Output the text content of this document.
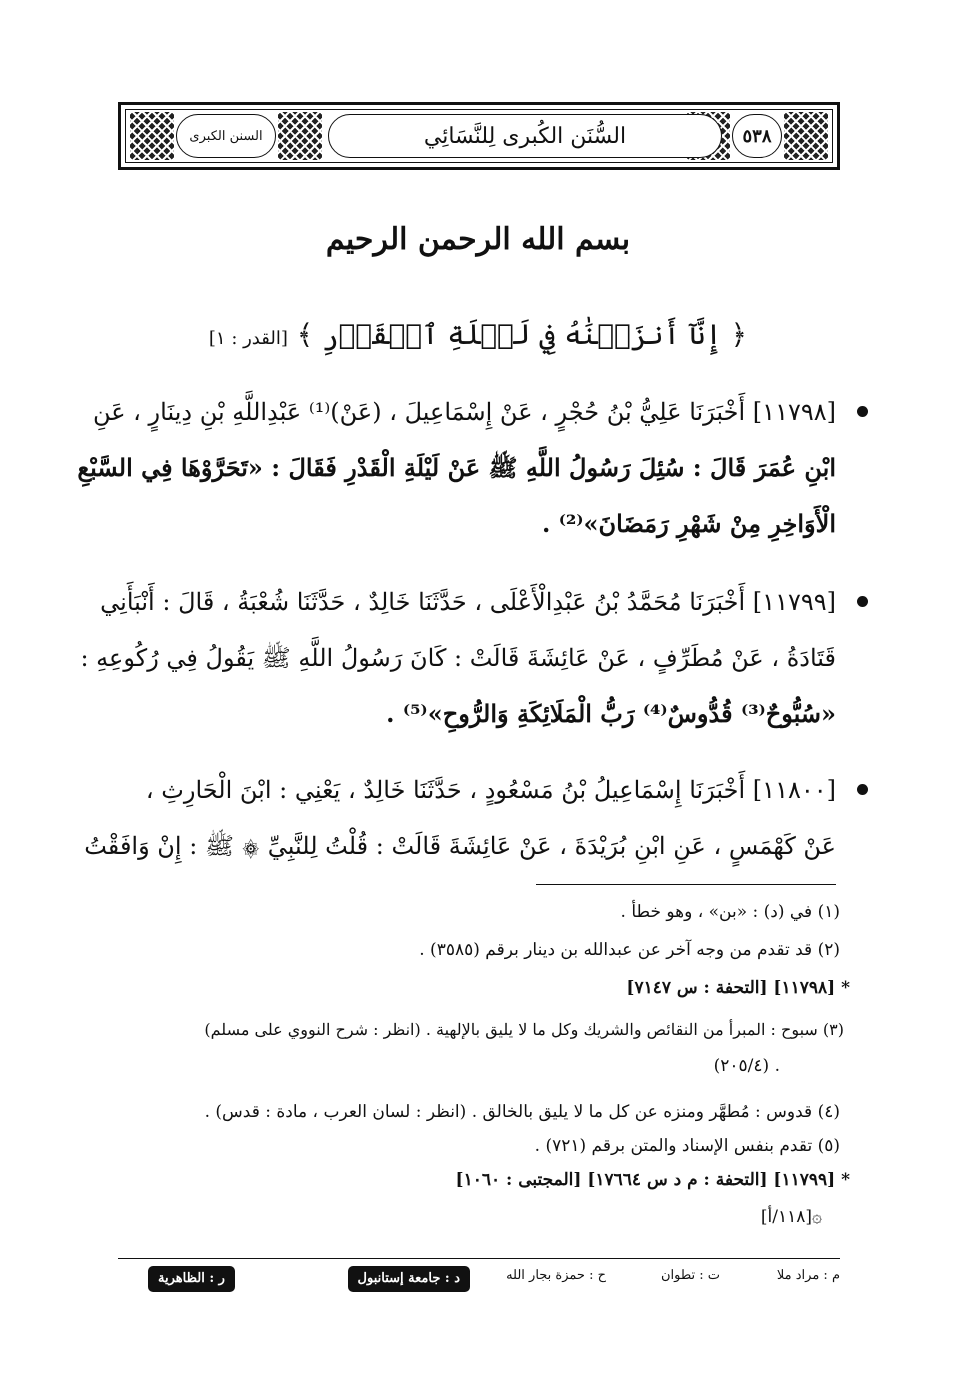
السنن الكبرى	السُّنَن الكُبرى لِلنَّسَائِي	٥٣٨
بسم الله الرحمن الرحيم
﴿ إِنَّآ أَنزَلۡنَٰهُ فِي لَيۡلَةِ ٱلۡقَدۡرِ ﴾ [القدر : ١]
[١١٧٩٨] أَخْبَرَنَا عَلِيُّ بْنُ حُجْرٍ ، عَنْ إِسْمَاعِيلَ ، (عَنْ)⁽¹⁾ عَبْدِاللَّهِ بْنِ دِينَارٍ ، عَنِ
ابْنِ عُمَرَ قَالَ : سُئِلَ رَسُولُ اللَّهِ ﷺ عَنْ لَيْلَةِ الْقَدْرِ فَقَالَ : «تَحَرَّوْهَا فِي السَّبْعِ
الْأَوَاخِرِ مِنْ شَهْرِ رَمَضَانَ»⁽²⁾ .
[١١٧٩٩] أَخْبَرَنَا مُحَمَّدُ بْنُ عَبْدِالْأَعْلَى ، حَدَّثَنَا خَالِدٌ ، حَدَّثَنَا شُعْبَةُ ، قَالَ : أَنْبَأَنِي
قَتَادَةُ ، عَنْ مُطَرِّفٍ ، عَنْ عَائِشَةَ قَالَتْ : كَانَ رَسُولُ اللَّهِ ﷺ يَقُولُ فِي رُكُوعِهِ :
«سُبُّوحٌ⁽³⁾ قُدُّوسٌ⁽⁴⁾ رَبُّ الْمَلَائِكَةِ وَالرُّوحِ»⁽⁵⁾ .
[١١٨٠٠] أَخْبَرَنَا إِسْمَاعِيلُ بْنُ مَسْعُودٍ ، حَدَّثَنَا خَالِدٌ ، يَعْنِي : ابْنَ الْحَارِثِ ،
عَنْ كَهْمَسٍ ، عَنِ ابْنِ بُرَيْدَةَ ، عَنْ عَائِشَةَ قَالَتْ : قُلْتُ لِلنَّبِيِّ ۞ ﷺ : إِنْ وَافَقْتُ
(١) في (د) : «بن» ، وهو خطأ .
(٢) قد تقدم من وجه آخر عن عبدالله بن دينار برقم (٣٥٨٥) .
* [١١٧٩٨] [التحفة : س ٧١٤٧]
(٣) سبوح : المبرأ من النقائص والشريك وكل ما لا يليق بالإلهية . (انظر : شرح النووي على مسلم)
. (٢٠٥/٤)
(٤) قدوس : مُطهَّر ومنزه عن كل ما لا يليق بالخالق . (انظر : لسان العرب ، مادة : قدس) .
(٥) تقدم بنفس الإسناد والمتن برقم (٧٢١) .
* [١١٧٩٩] [التحفة : م د س ١٧٦٦٤] [المجتبى : ١٠٦٠]
۞[١١٨/أ]
م : مراد ملا
ت : تطوان
ح : حمزة بجار الله
د : جامعة إستانبول
ر : الظاهرية
